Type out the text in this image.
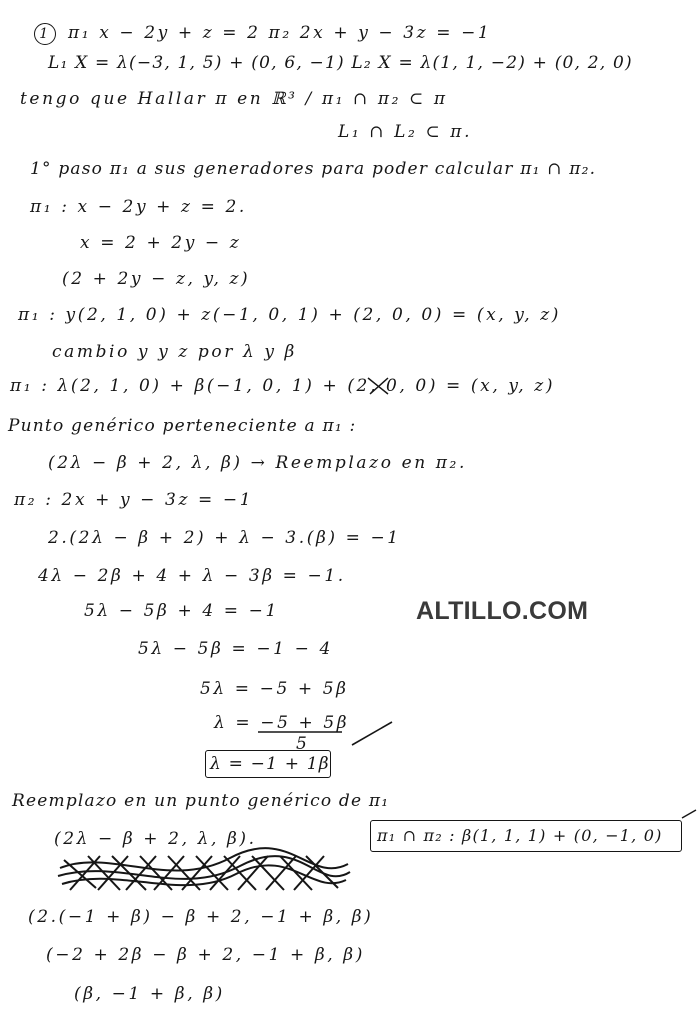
1 π₁ x − 2y + z = 2 π₂ 2x + y − 3z = −1
L₁ X = λ(−3, 1, 5) + (0, 6, −1) L₂ X = λ(1, 1, −2) + (0, 2, 0)
tengo que Hallar π en ℝ³ / π₁ ∩ π₂ ⊂ π
L₁ ∩ L₂ ⊂ π.
1° paso π₁ a sus generadores para poder calcular π₁ ∩ π₂.
π₁ : x − 2y + z = 2.
x = 2 + 2y − z
(2 + 2y − z, y, z)
π₁ : y(2, 1, 0) + z(−1, 0, 1) + (2, 0, 0) = (x, y, z)
cambio y y z por λ y β
π₁ : λ(2, 1, 0) + β(−1, 0, 1) + (2, 0, 0) = (x, y, z)
Punto genérico perteneciente a π₁ :
(2λ − β + 2, λ, β) → Reemplazo en π₂.
π₂ : 2x + y − 3z = −1
2.(2λ − β + 2) + λ − 3.(β) = −1
4λ − 2β + 4 + λ − 3β = −1.
5λ − 5β + 4 = −1
5λ − 5β = −1 − 4
5λ = −5 + 5β
λ = −5 + 5β
5
λ = −1 + 1β
Reemplazo en un punto genérico de π₁
(2λ − β + 2, λ, β).
(2.(−1 + β) − β + 2, −1 + β, β)
(−2 + 2β − β + 2, −1 + β, β)
(β, −1 + β, β)
π₁ ∩ π₂ : β(1, 1, 1) + (0, −1, 0)
ALTILLO.COM
